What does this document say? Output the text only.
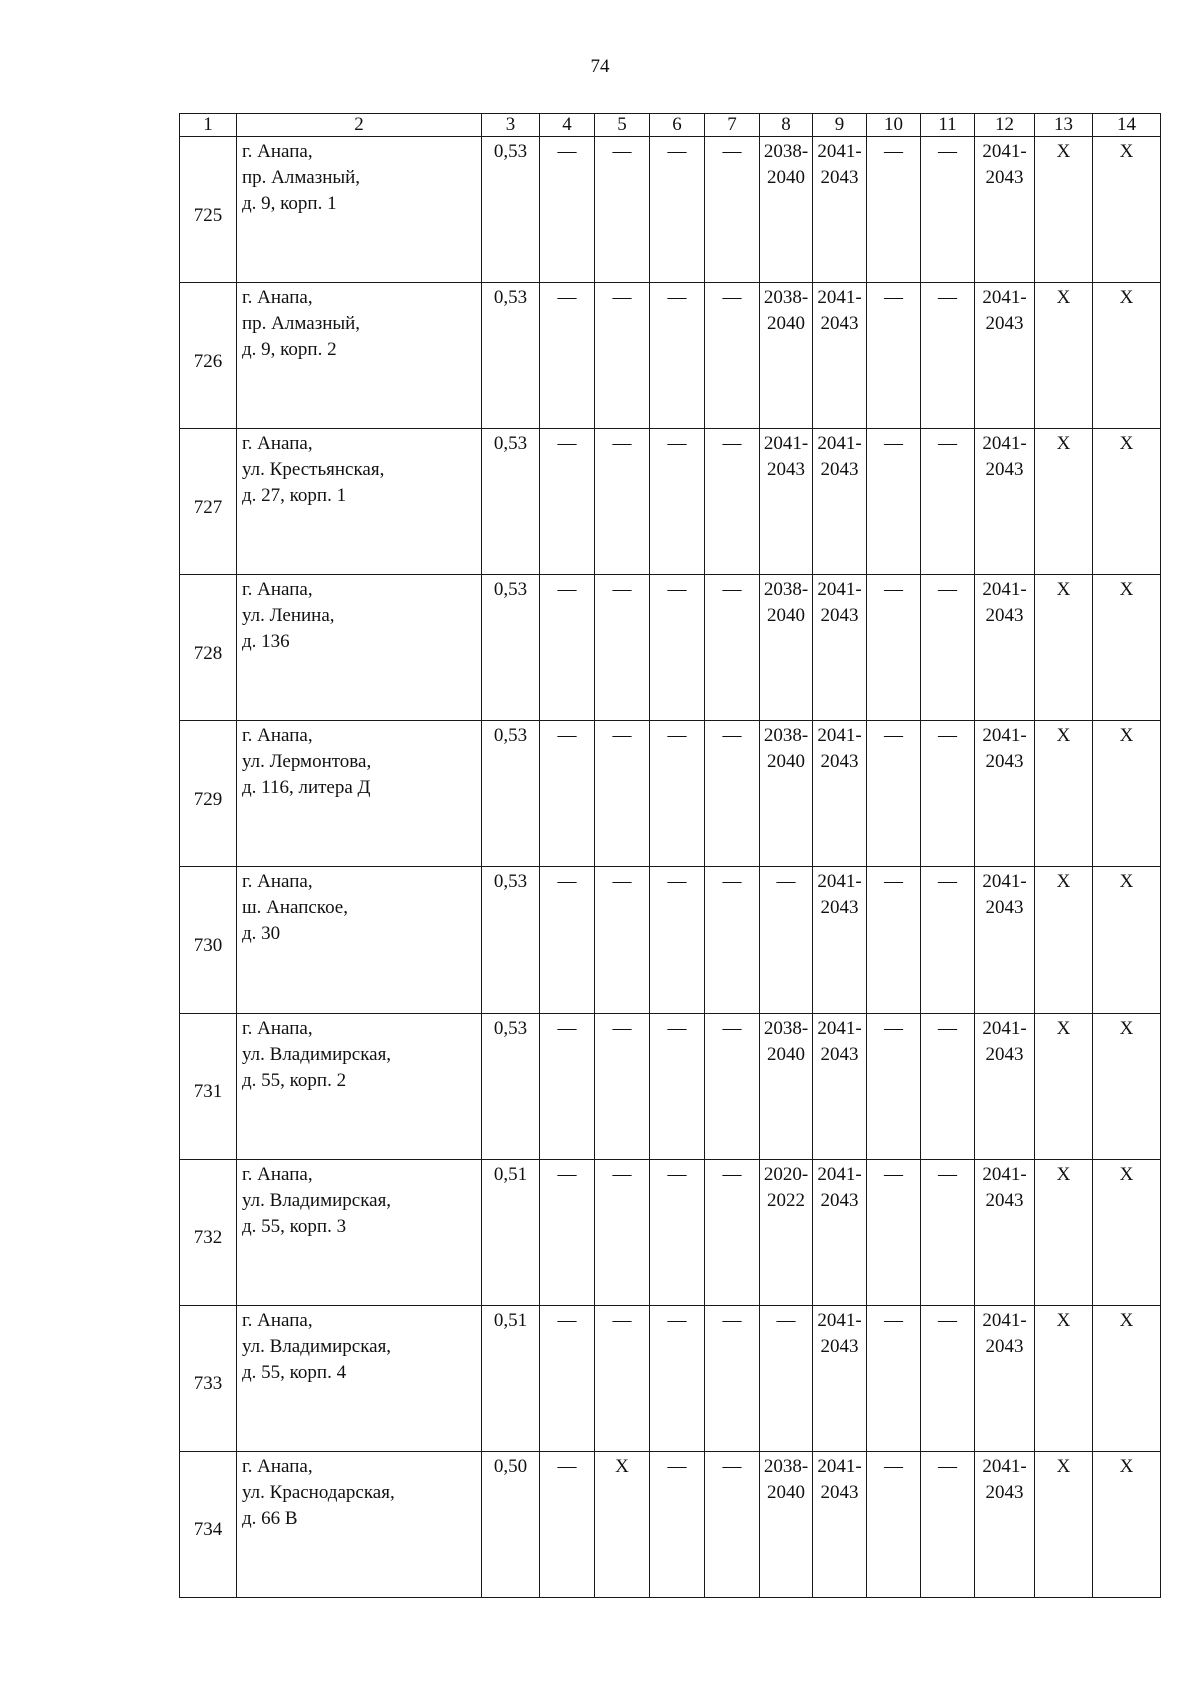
74
1	2	3	4	5	6	7	8	9	10	11	12	13	14
725	г. Анапа,
пр. Алмазный,
д. 9, корп. 1	0,53	—	—	—	—	2038-
2040	2041-
2043	—	—	2041-
2043	X	X
726	г. Анапа,
пр. Алмазный,
д. 9, корп. 2	0,53	—	—	—	—	2038-
2040	2041-
2043	—	—	2041-
2043	X	X
727	г. Анапа,
ул. Крестьянская,
д. 27, корп. 1	0,53	—	—	—	—	2041-
2043	2041-
2043	—	—	2041-
2043	X	X
728	г. Анапа,
ул. Ленина,
д. 136	0,53	—	—	—	—	2038-
2040	2041-
2043	—	—	2041-
2043	X	X
729	г. Анапа,
ул. Лермонтова,
д. 116, литера Д	0,53	—	—	—	—	2038-
2040	2041-
2043	—	—	2041-
2043	X	X
730	г. Анапа,
ш. Анапское,
д. 30	0,53	—	—	—	—	—	2041-
2043	—	—	2041-
2043	X	X
731	г. Анапа,
ул. Владимирская,
д. 55, корп. 2	0,53	—	—	—	—	2038-
2040	2041-
2043	—	—	2041-
2043	X	X
732	г. Анапа,
ул. Владимирская,
д. 55, корп. 3	0,51	—	—	—	—	2020-
2022	2041-
2043	—	—	2041-
2043	X	X
733	г. Анапа,
ул. Владимирская,
д. 55, корп. 4	0,51	—	—	—	—	—	2041-
2043	—	—	2041-
2043	X	X
734	г. Анапа,
ул. Краснодарская,
д. 66 В	0,50	—	X	—	—	2038-
2040	2041-
2043	—	—	2041-
2043	X	X
